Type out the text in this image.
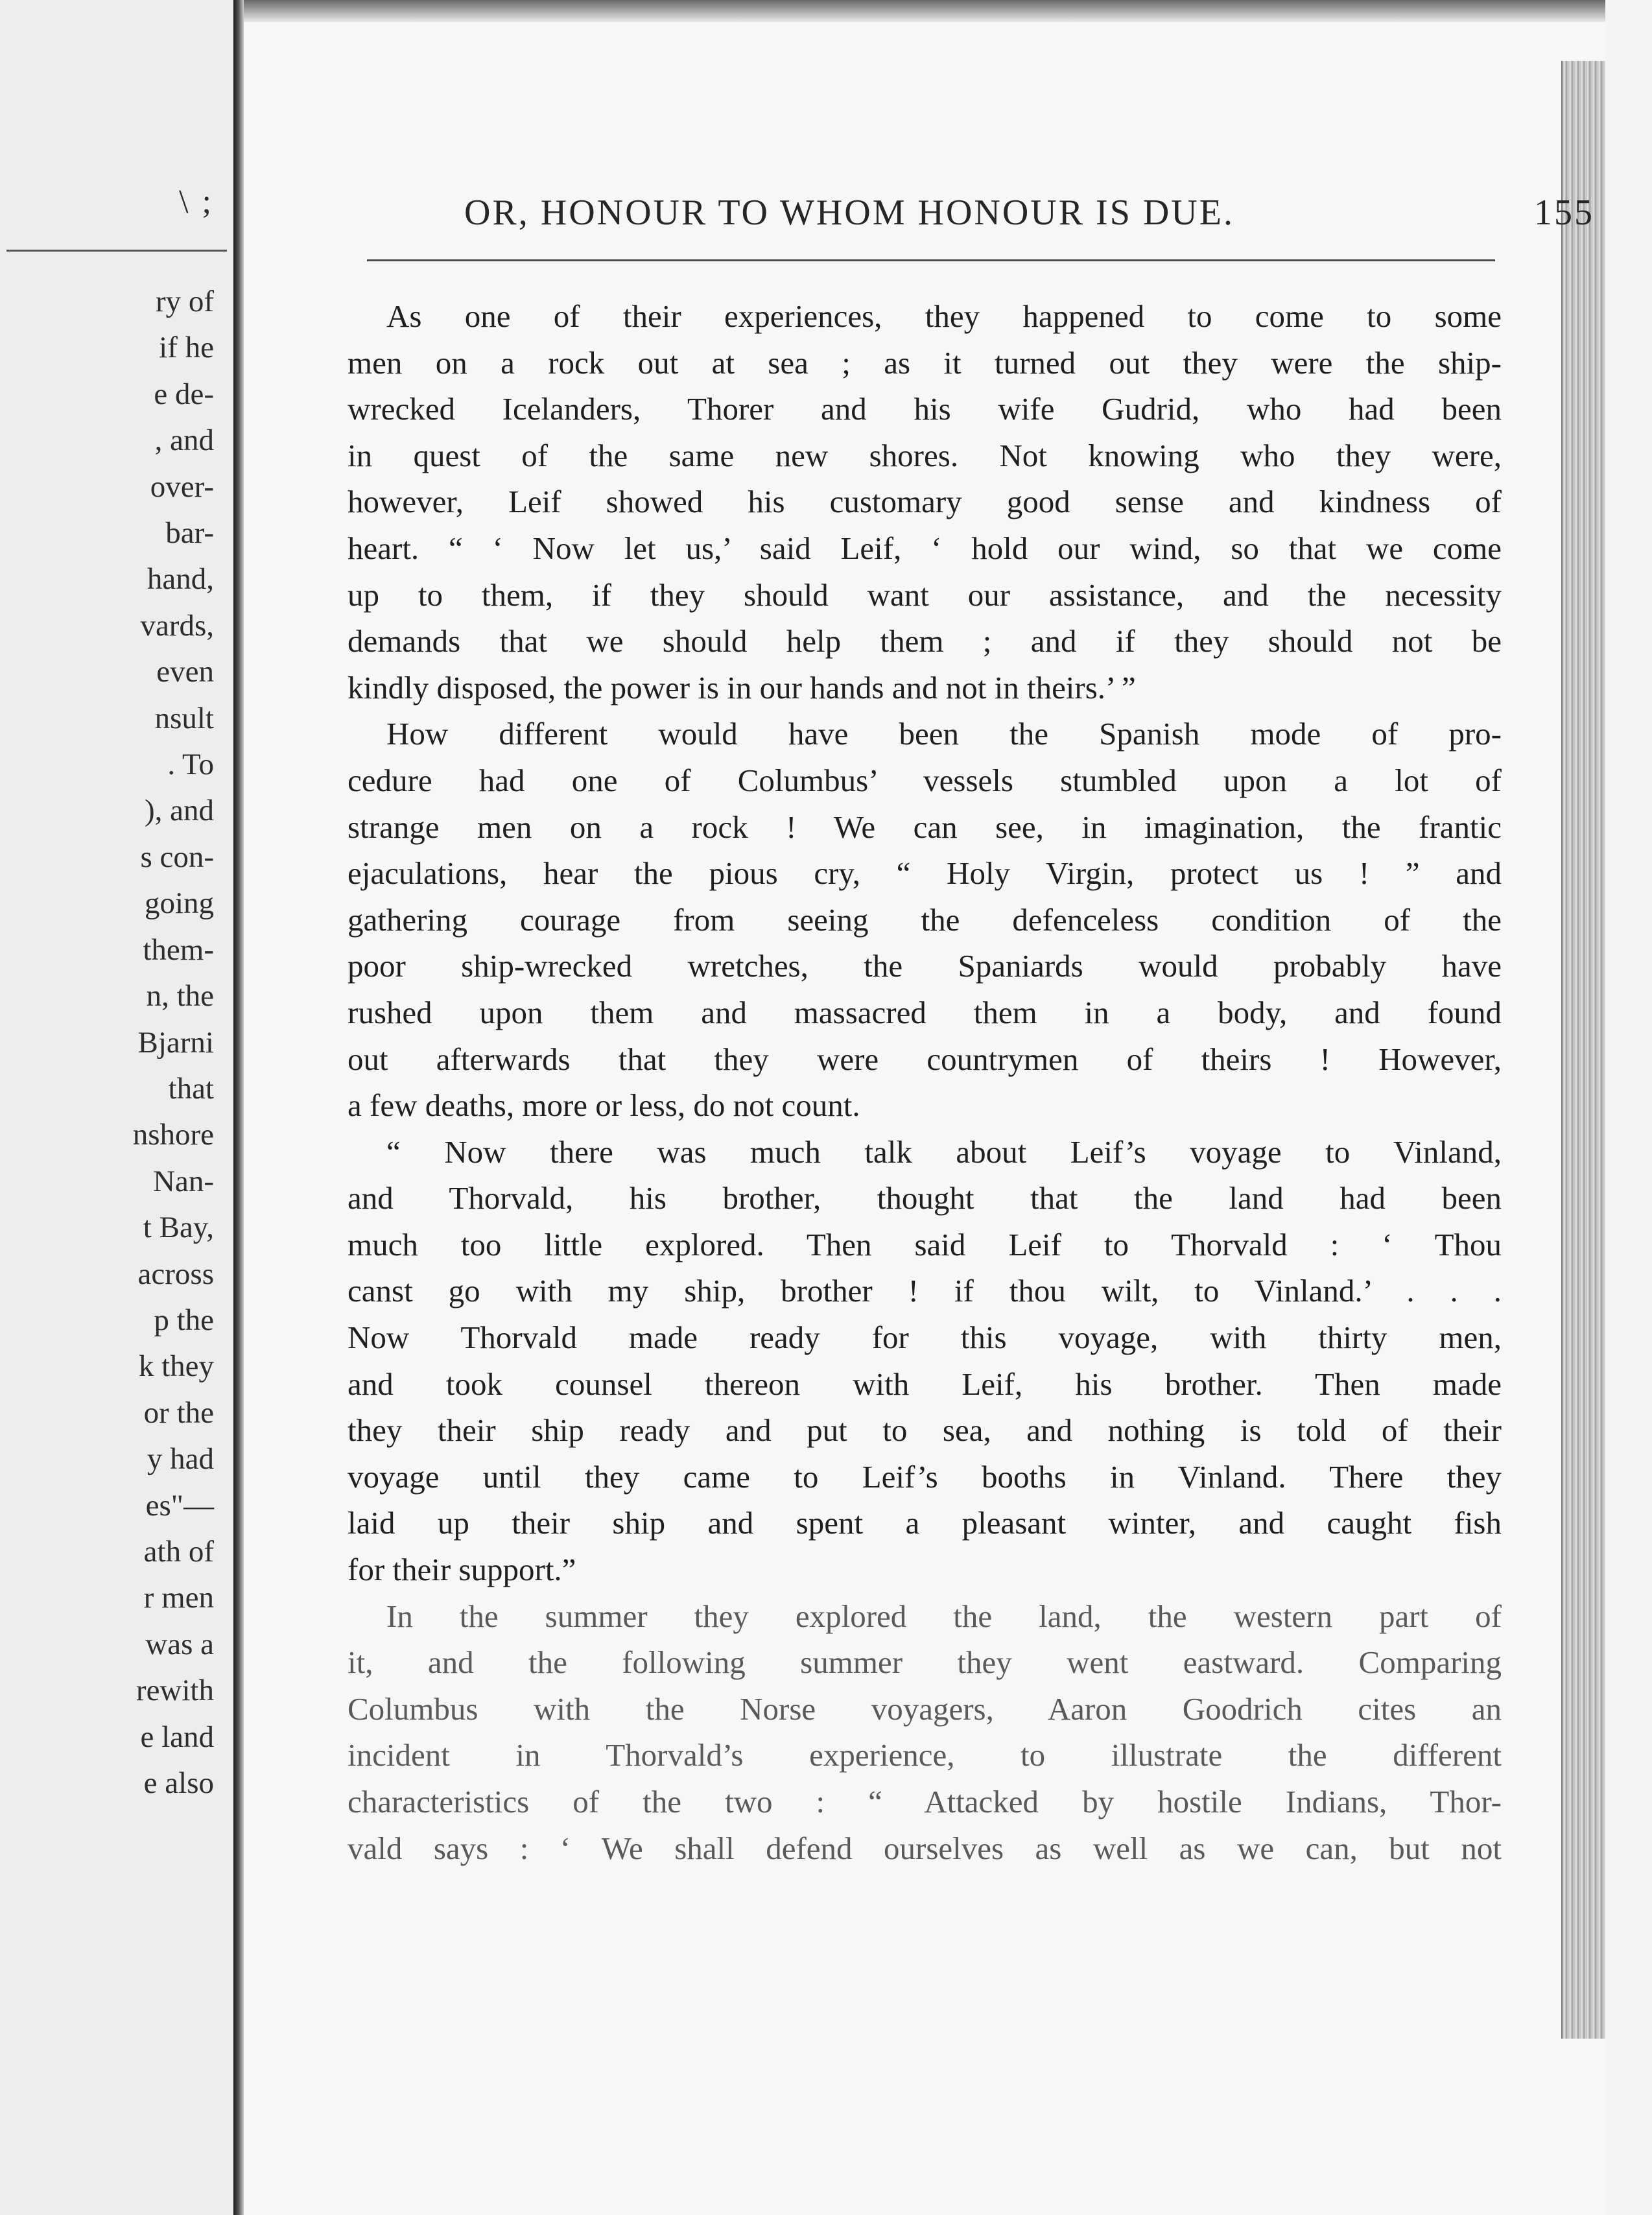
\ ;
ry of
if he
e de-
, and
over-
bar-
hand,
vards,
even
nsult
. To
), and
s con-
going
them-
n, the
Bjarni
that
nshore
Nan-
t Bay,
across
p the
k they
or the
y had
es"—
ath of
r men
was a
rewith
e land
e also
OR, HONOUR TO WHOM HONOUR IS DUE.	155
As one of their experiences, they happened to come to some
men on a rock out at sea ; as it turned out they were the ship-
wrecked Icelanders, Thorer and his wife Gudrid, who had been
in quest of the same new shores. Not knowing who they were,
however, Leif showed his customary good sense and kindness of
heart. “ ‘ Now let us,’ said Leif, ‘ hold our wind, so that we come
up to them, if they should want our assistance, and the necessity
demands that we should help them ; and if they should not be
kindly disposed, the power is in our hands and not in theirs.’ ”
How different would have been the Spanish mode of pro-
cedure had one of Columbus’ vessels stumbled upon a lot of
strange men on a rock ! We can see, in imagination, the frantic
ejaculations, hear the pious cry, “ Holy Virgin, protect us ! ” and
gathering courage from seeing the defenceless condition of the
poor ship-wrecked wretches, the Spaniards would probably have
rushed upon them and massacred them in a body, and found
out afterwards that they were countrymen of theirs ! However,
a few deaths, more or less, do not count.
“ Now there was much talk about Leif’s voyage to Vinland,
and Thorvald, his brother, thought that the land had been
much too little explored. Then said Leif to Thorvald : ‘ Thou
canst go with my ship, brother ! if thou wilt, to Vinland.’ . . .
Now Thorvald made ready for this voyage, with thirty men,
and took counsel thereon with Leif, his brother. Then made
they their ship ready and put to sea, and nothing is told of their
voyage until they came to Leif’s booths in Vinland. There they
laid up their ship and spent a pleasant winter, and caught fish
for their support.”
In the summer they explored the land, the western part of
it, and the following summer they went eastward. Comparing
Columbus with the Norse voyagers, Aaron Goodrich cites an
incident in Thorvald’s experience, to illustrate the different
characteristics of the two : “ Attacked by hostile Indians, Thor-
vald says : ‘ We shall defend ourselves as well as we can, but not
